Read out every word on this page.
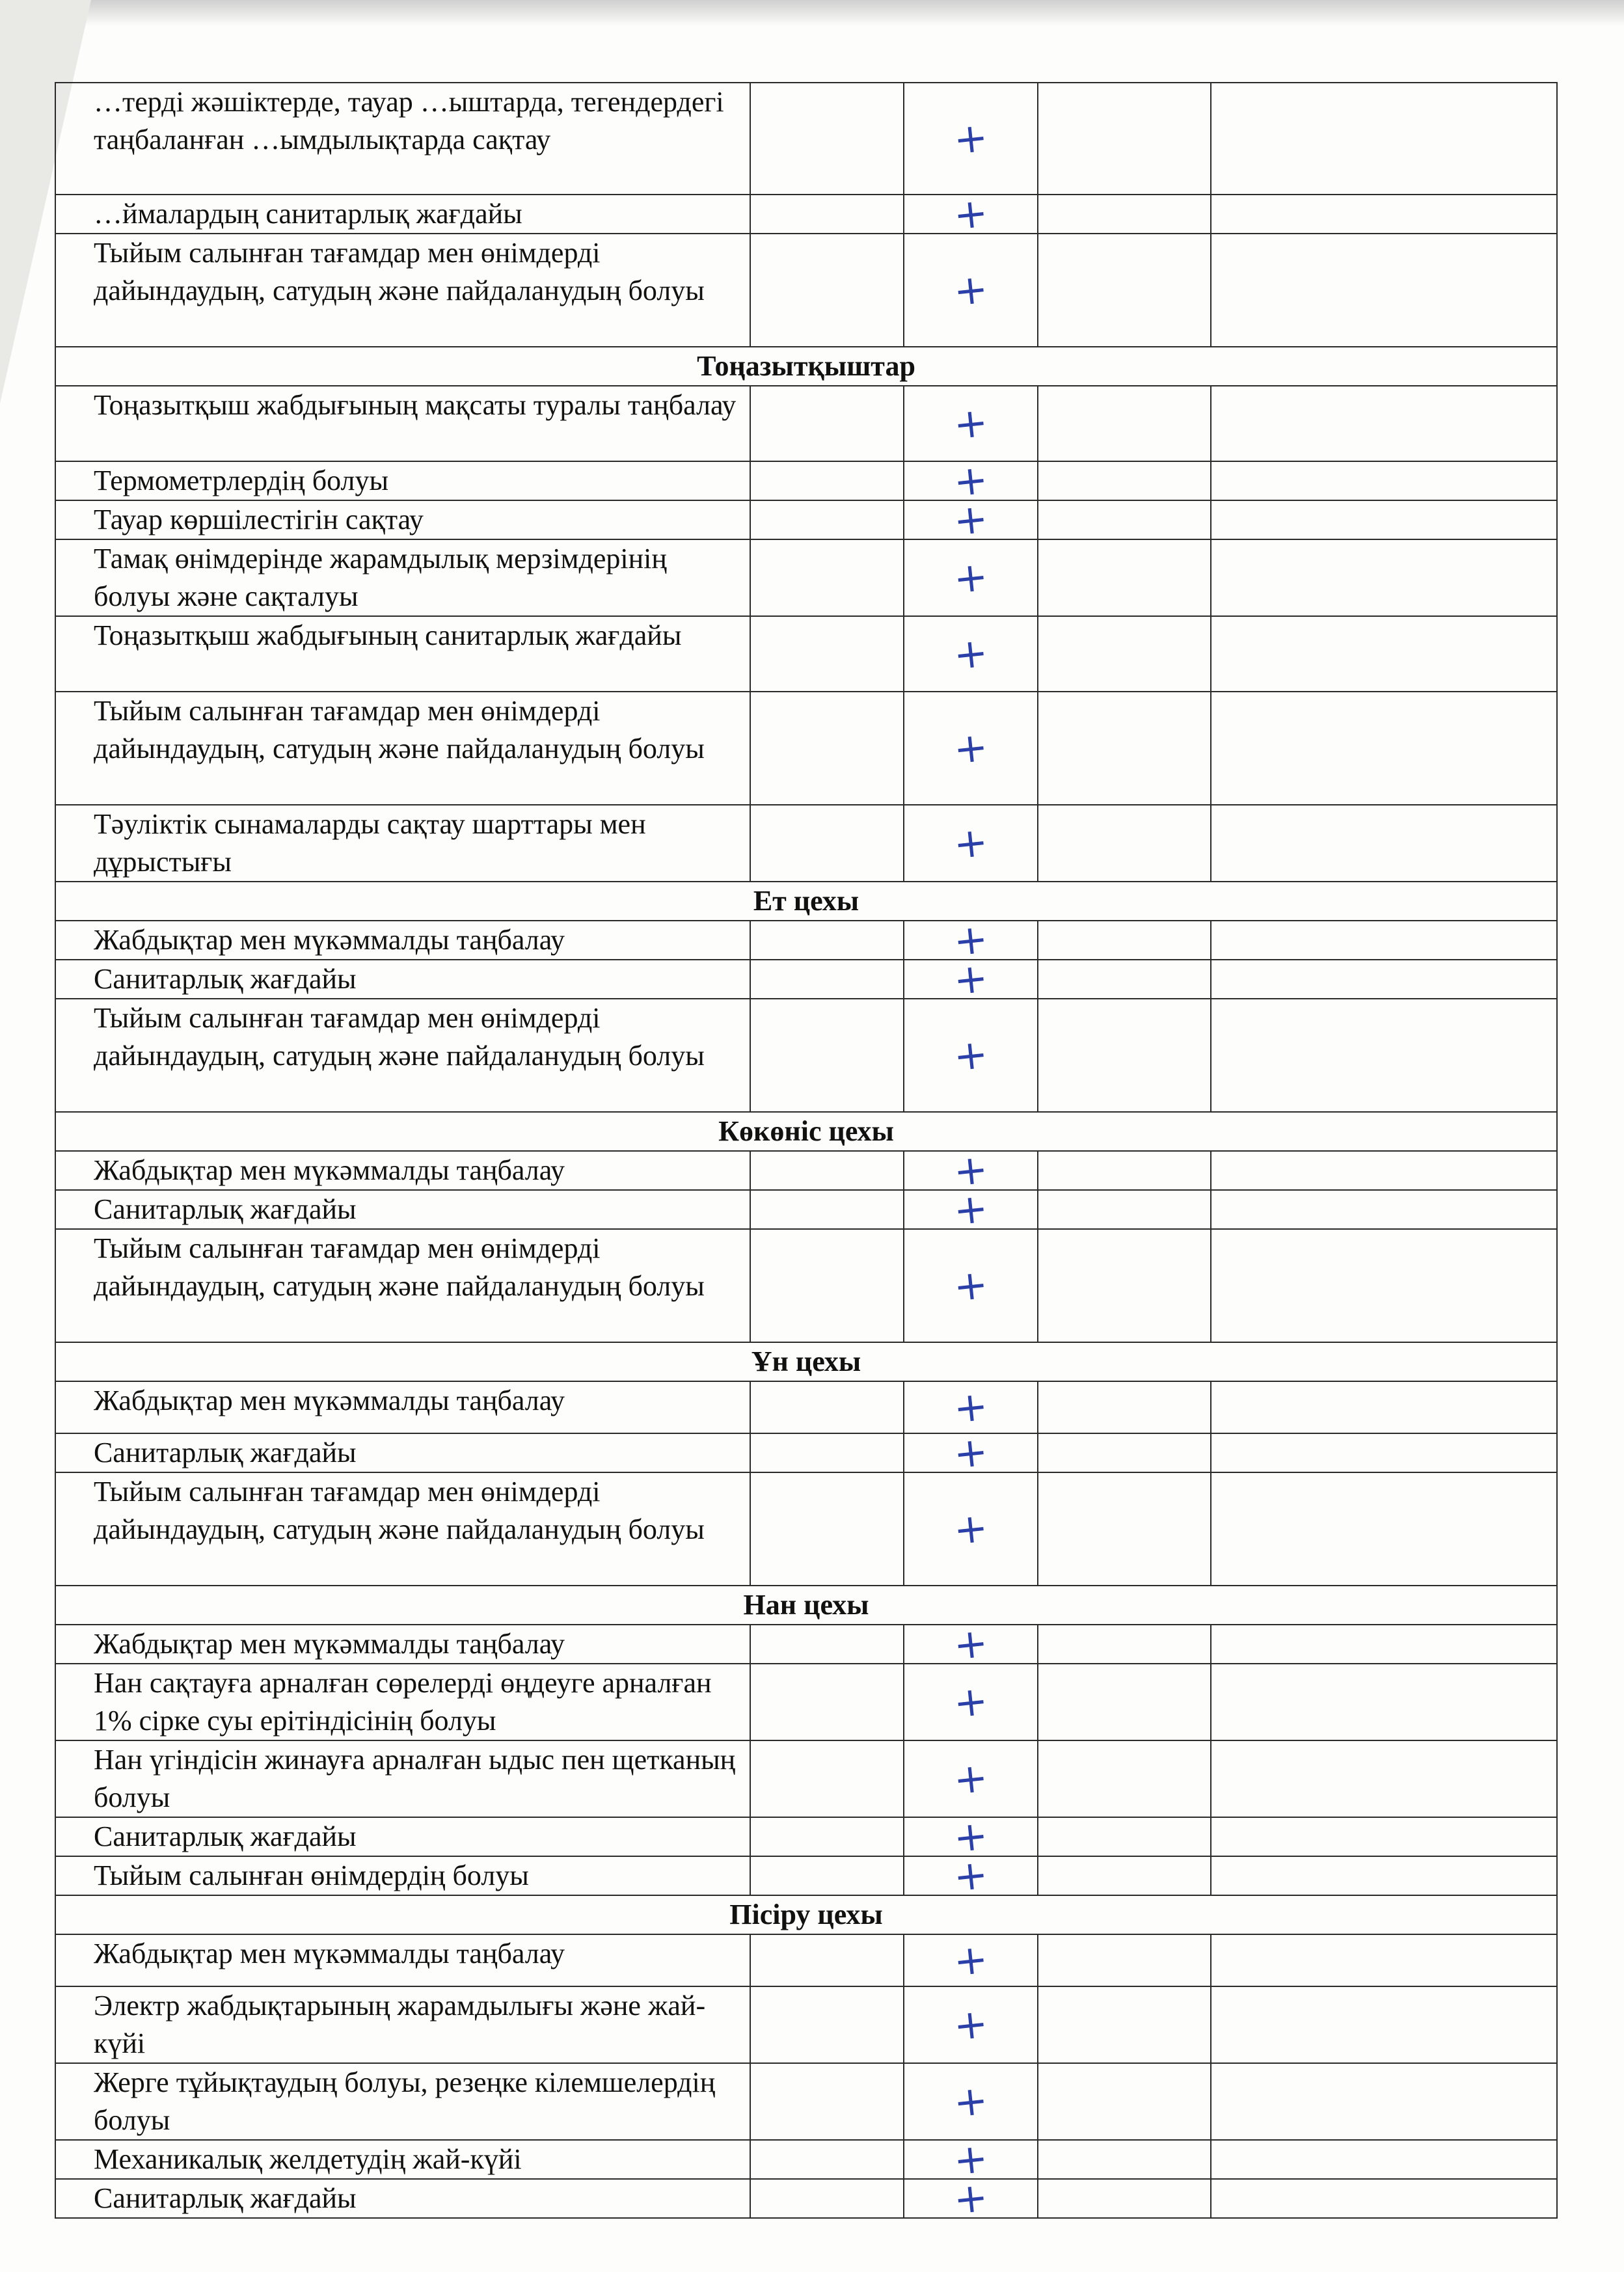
…терді жәшіктерде, тауар …ыштарда, тегендердегі таңбаланған …ымдылықтарда сақтау		+		

…ймалардың санитарлық жағдайы		+		

Тыйым салынған тағамдар мен өнімдерді дайындаудың, сатудың және пайдаланудың болуы		+		

Тоңазытқыштар				
Тоңазытқыш жабдығының мақсаты туралы таңбалау		+		

Термометрлердің болуы		+		

Тауар көршілестігін сақтау		+		

Тамақ өнімдерінде жарамдылық мерзімдерінің болуы және сақталуы		+		

Тоңазытқыш жабдығының санитарлық жағдайы		+		

Тыйым салынған тағамдар мен өнімдерді дайындаудың, сатудың және пайдаланудың болуы		+		

Тәуліктік сынамаларды сақтау шарттары мен дұрыстығы		+		

Ет цехы				
Жабдықтар мен мүкәммалды таңбалау		+		

Санитарлық жағдайы		+		

Тыйым салынған тағамдар мен өнімдерді дайындаудың, сатудың және пайдаланудың болуы		+		

Көкөніс цехы				
Жабдықтар мен мүкәммалды таңбалау		+		

Санитарлық жағдайы		+		

Тыйым салынған тағамдар мен өнімдерді дайындаудың, сатудың және пайдаланудың болуы		+		

Ұн цехы				
Жабдықтар мен мүкәммалды таңбалау		+		

Санитарлық жағдайы		+		

Тыйым салынған тағамдар мен өнімдерді дайындаудың, сатудың және пайдаланудың болуы		+		

Нан цехы				
Жабдықтар мен мүкәммалды таңбалау		+		

Нан сақтауға арналған сөрелерді өңдеуге арналған 1% сірке суы ерітіндісінің болуы		+		

Нан үгіндісін жинауға арналған ыдыс пен щетканың болуы		+		

Санитарлық жағдайы		+		

Тыйым салынған өнімдердің болуы		+		

Пісіру цехы				
Жабдықтар мен мүкәммалды таңбалау		+		

Электр жабдықтарының жарамдылығы және жай-күйі		+		

Жерге тұйықтаудың болуы, резеңке кілемшелердің болуы		+		

Механикалық желдетудің жай-күйі		+		

Санитарлық жағдайы		+		
